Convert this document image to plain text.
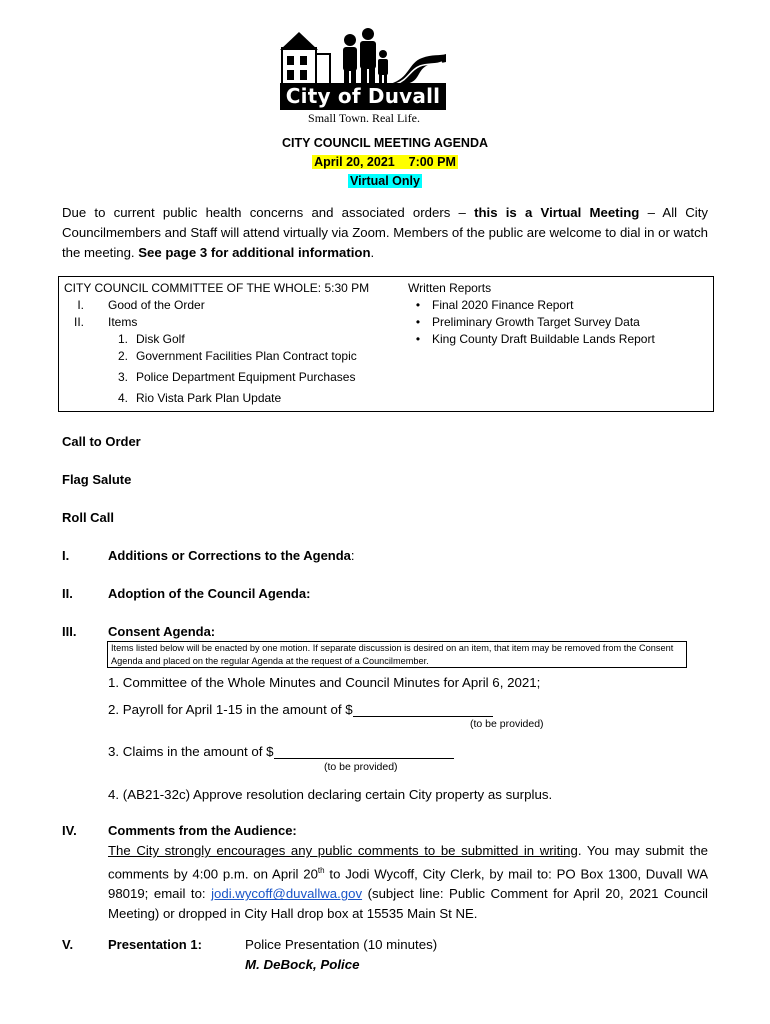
City of Duvall
Small Town. Real Life.
CITY COUNCIL MEETING AGENDA
April 20, 2021    7:00 PM
Virtual Only
Due to current public health concerns and associated orders – this is a Virtual Meeting – All City Councilmembers and Staff will attend virtually via Zoom. Members of the public are welcome to dial in or watch the meeting. See page 3 for additional information.
CITY COUNCIL COMMITTEE OF THE WHOLE: 5:30 PM
I. Good of the Order
II. Items
1. Disk Golf
2. Government Facilities Plan Contract topic
3. Police Department Equipment Purchases
4. Rio Vista Park Plan Update
Written Reports
• Final 2020 Finance Report
• Preliminary Growth Target Survey Data
• King County Draft Buildable Lands Report
Call to Order
Flag Salute
Roll Call
I.	Additions or Corrections to the Agenda:
II.	Adoption of the Council Agenda:
III. Consent Agenda:
Items listed below will be enacted by one motion. If separate discussion is desired on an item, that item may be removed from the Consent Agenda and placed on the regular Agenda at the request of a Councilmember.
1. Committee of the Whole Minutes and Council Minutes for April 6, 2021;
2. Payroll for April 1-15 in the amount of $
(to be provided)
3. Claims in the amount of $
(to be provided)
4. (AB21-32c) Approve resolution declaring certain City property as surplus.
IV. Comments from the Audience:
The City strongly encourages any public comments to be submitted in writing. You may submit the comments by 4:00 p.m. on April 20th to Jodi Wycoff, City Clerk, by mail to: PO Box 1300, Duvall WA 98019; email to: jodi.wycoff@duvallwa.gov (subject line: Public Comment for April 20, 2021 Council Meeting) or dropped in City Hall drop box at 15535 Main St NE.
V.	Presentation 1:	Police Presentation (10 minutes)
M. DeBock, Police
